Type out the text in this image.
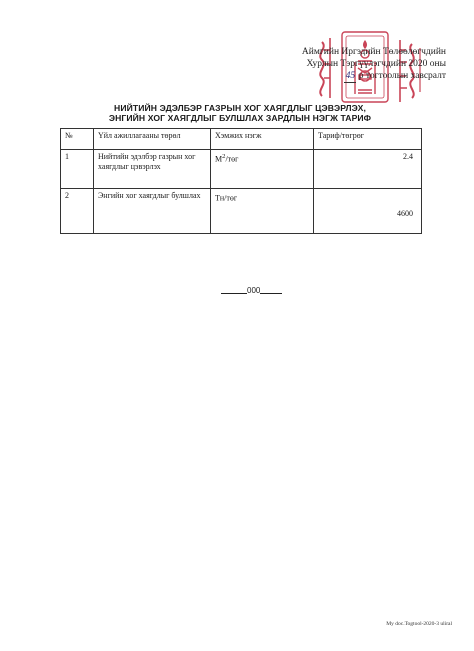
Аймгийн Иргэдийн Төлөөлөгчдийн
Хурлын Тэргүүлэгчдийн 2020 оны
45 р тогтоолын хавсралт
НИЙТИЙН ЭДЭЛБЭР ГАЗРЫН ХОГ ХАЯГДЛЫГ ЦЭВЭРЛЭХ,
ЭНГИЙН ХОГ ХАЯГДЛЫГ БУЛШЛАХ ЗАРДЛЫН НЭГЖ ТАРИФ
№	Үйл ажиллагааны төрөл	Хэмжих нэгж	Тариф/төгрөг
1	Нийтийн эдэлбэр газрын хог хаягдлыг цэвэрлэх	$М^2$/төг	2.4
2	Энгийн хог хаягдлыг булшлах	Тн/төг	4600
000
My doc.Togtool-2020-3 uliral
